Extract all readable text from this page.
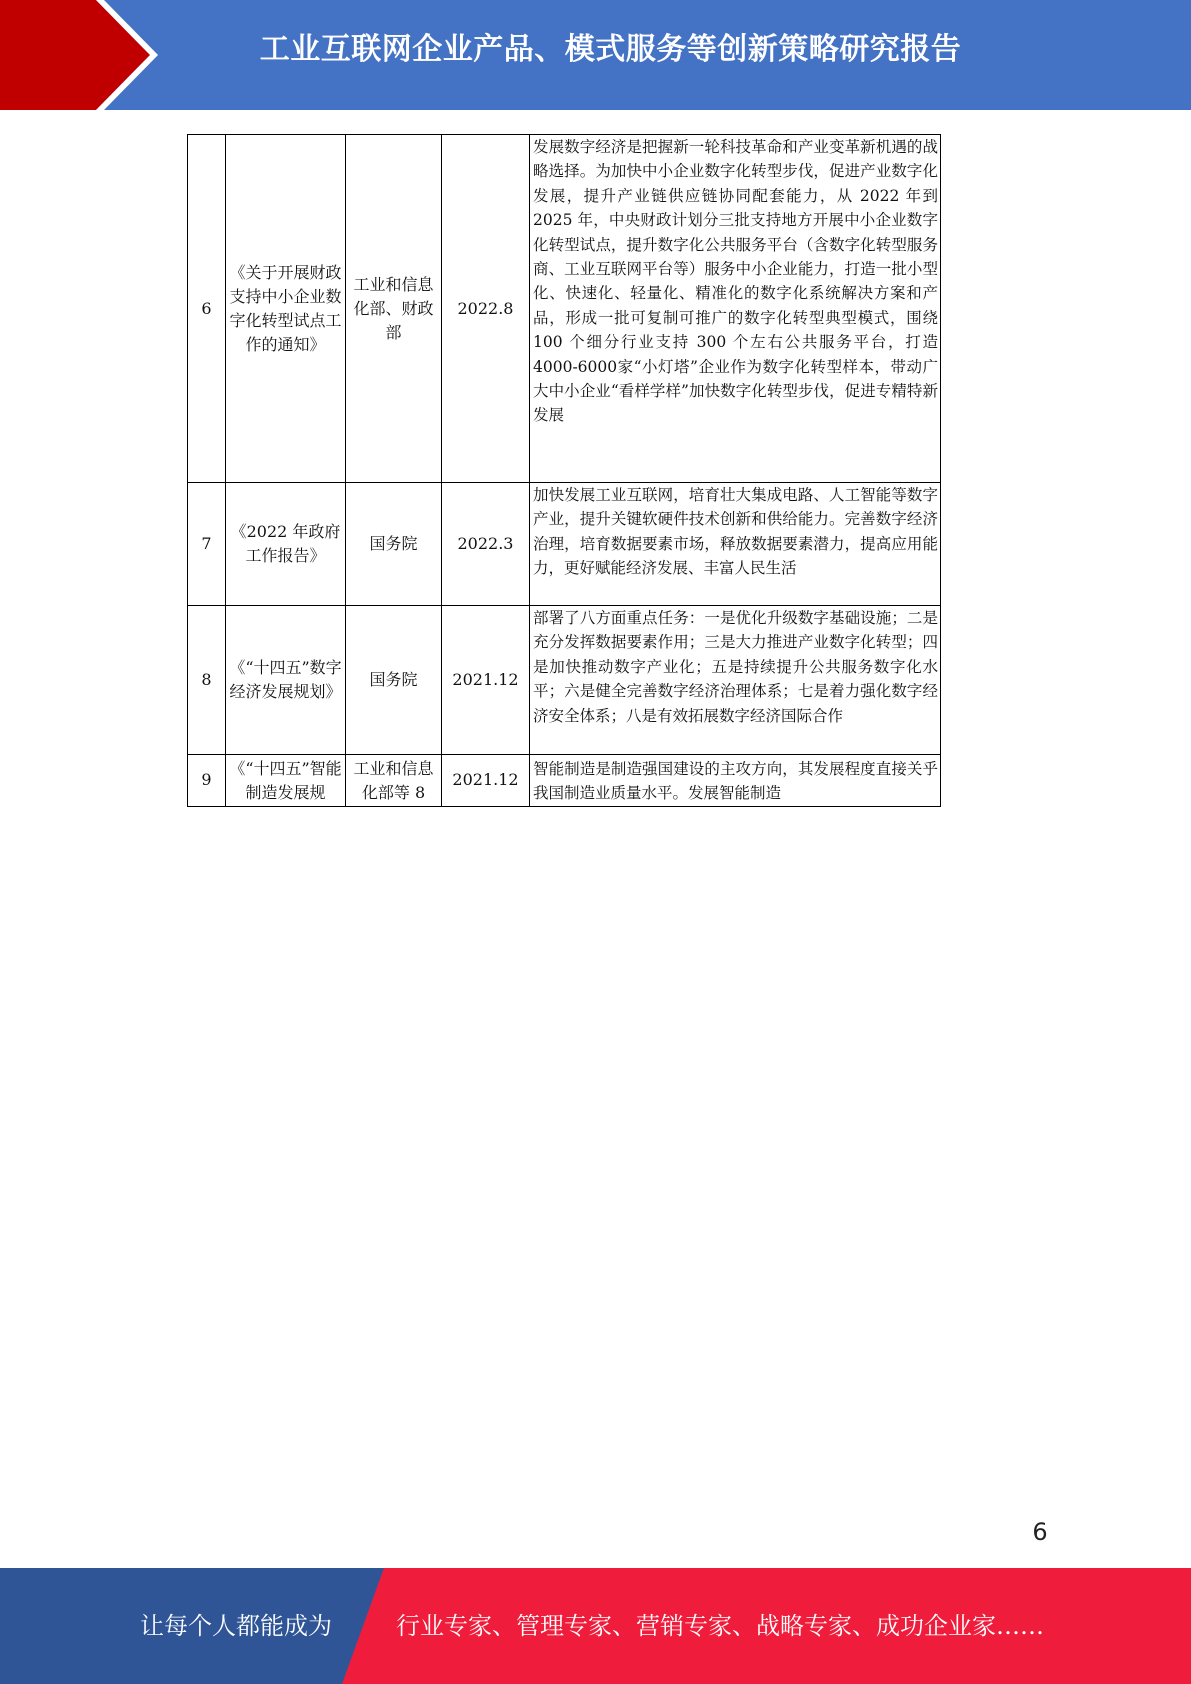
工业互联网企业产品、模式服务等创新策略研究报告
6	《关于开展财政支持中小企业数字化转型试点工作的通知》	工业和信息化部、财政部	2022.8	发展数字经济是把握新一轮科技革命和产业变革新机遇的战略选择。为加快中小企业数字化转型步伐，促进产业数字化发展，提升产业链供应链协同配套能力，从 2022 年到 2025 年，中央财政计划分三批支持地方开展中小企业数字化转型试点，提升数字化公共服务平台（含数字化转型服务商、工业互联网平台等）服务中小企业能力，打造一批小型化、快速化、轻量化、精准化的数字化系统解决方案和产品，形成一批可复制可推广的数字化转型典型模式，围绕 100 个细分行业支持 300 个左右公共服务平台，打造 4000-6000家“小灯塔”企业作为数字化转型样本，带动广大中小企业“看样学样”加快数字化转型步伐，促进专精特新发展
7	《2022 年政府工作报告》	国务院	2022.3	加快发展工业互联网，培育壮大集成电路、人工智能等数字产业，提升关键软硬件技术创新和供给能力。完善数字经济治理，培育数据要素市场，释放数据要素潜力，提高应用能力，更好赋能经济发展、丰富人民生活
8	《“十四五”数字经济发展规划》	国务院	2021.12	部署了八方面重点任务：一是优化升级数字基础设施；二是充分发挥数据要素作用；三是大力推进产业数字化转型；四是加快推动数字产业化；五是持续提升公共服务数字化水平；六是健全完善数字经济治理体系；七是着力强化数字经济安全体系；八是有效拓展数字经济国际合作
9	《“十四五”智能制造发展规	工业和信息化部等 8	2021.12	智能制造是制造强国建设的主攻方向，其发展程度直接关乎我国制造业质量水平。发展智能制造
6
让每个人都能成为	行业专家、管理专家、营销专家、战略专家、成功企业家……
